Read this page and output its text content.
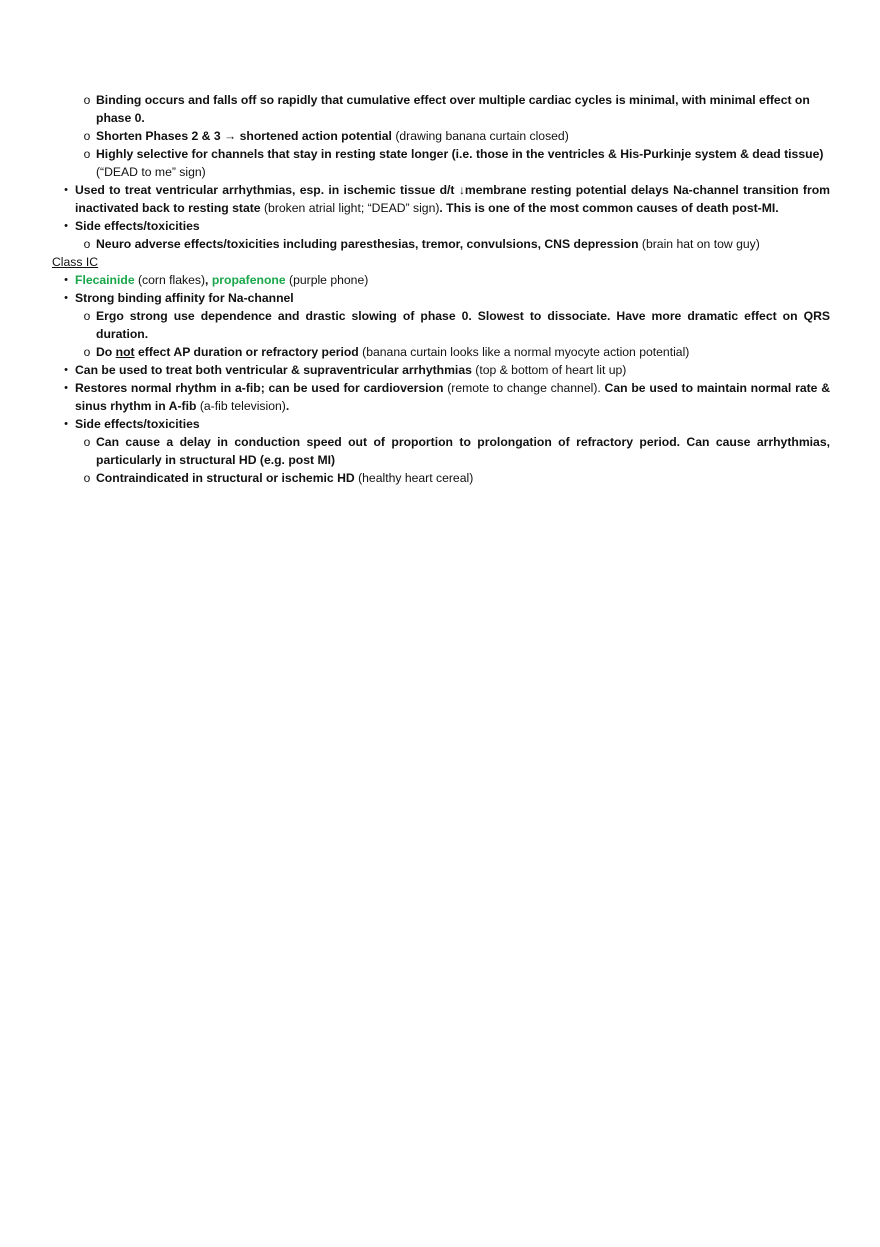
o Binding occurs and falls off so rapidly that cumulative effect over multiple cardiac cycles is minimal, with minimal effect on phase 0.
o Shorten Phases 2 & 3 → shortened action potential (drawing banana curtain closed)
o Highly selective for channels that stay in resting state longer (i.e. those in the ventricles & His-Purkinje system & dead tissue) (“DEAD to me” sign)
• Used to treat ventricular arrhythmias, esp. in ischemic tissue d/t ↓membrane resting potential delays Na-channel transition from inactivated back to resting state (broken atrial light; “DEAD” sign). This is one of the most common causes of death post-MI.
• Side effects/toxicities
o Neuro adverse effects/toxicities including paresthesias, tremor, convulsions, CNS depression (brain hat on tow guy)
Class IC
• Flecainide (corn flakes), propafenone (purple phone)
• Strong binding affinity for Na-channel
o Ergo strong use dependence and drastic slowing of phase 0. Slowest to dissociate. Have more dramatic effect on QRS duration.
o Do not effect AP duration or refractory period (banana curtain looks like a normal myocyte action potential)
• Can be used to treat both ventricular & supraventricular arrhythmias (top & bottom of heart lit up)
• Restores normal rhythm in a-fib; can be used for cardioversion (remote to change channel). Can be used to maintain normal rate & sinus rhythm in A-fib (a-fib television).
• Side effects/toxicities
o Can cause a delay in conduction speed out of proportion to prolongation of refractory period. Can cause arrhythmias, particularly in structural HD (e.g. post MI)
o Contraindicated in structural or ischemic HD (healthy heart cereal)
